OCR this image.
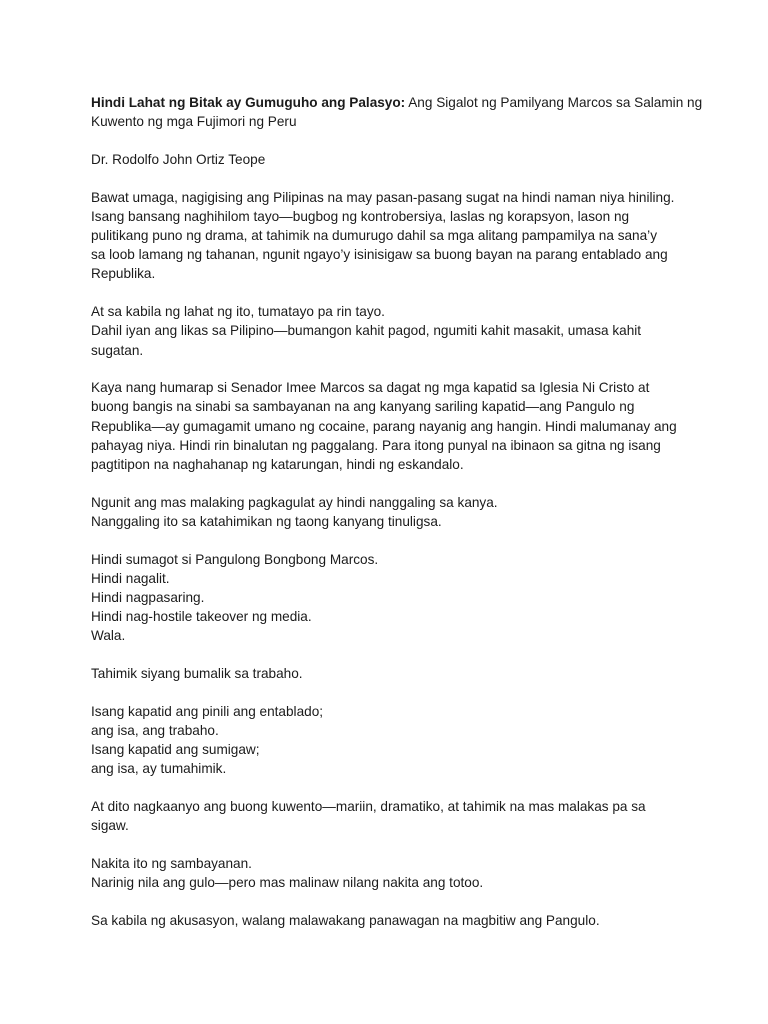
Hindi Lahat ng Bitak ay Gumuguho ang Palasyo: Ang Sigalot ng Pamilyang Marcos sa Salamin ng
Kuwento ng mga Fujimori ng Peru
Dr. Rodolfo John Ortiz Teope
Bawat umaga, nagigising ang Pilipinas na may pasan-pasang sugat na hindi naman niya hiniling.
Isang bansang naghihilom tayo—bugbog ng kontrobersiya, laslas ng korapsyon, lason ng
pulitikang puno ng drama, at tahimik na dumurugo dahil sa mga alitang pampamilya na sana’y
sa loob lamang ng tahanan, ngunit ngayo’y isinisigaw sa buong bayan na parang entablado ang
Republika.
At sa kabila ng lahat ng ito, tumatayo pa rin tayo.
Dahil iyan ang likas sa Pilipino—bumangon kahit pagod, ngumiti kahit masakit, umasa kahit
sugatan.
Kaya nang humarap si Senador Imee Marcos sa dagat ng mga kapatid sa Iglesia Ni Cristo at
buong bangis na sinabi sa sambayanan na ang kanyang sariling kapatid—ang Pangulo ng
Republika—ay gumagamit umano ng cocaine, parang nayanig ang hangin. Hindi malumanay ang
pahayag niya. Hindi rin binalutan ng paggalang. Para itong punyal na ibinaon sa gitna ng isang
pagtitipon na naghahanap ng katarungan, hindi ng eskandalo.
Ngunit ang mas malaking pagkagulat ay hindi nanggaling sa kanya.
Nanggaling ito sa katahimikan ng taong kanyang tinuligsa.
Hindi sumagot si Pangulong Bongbong Marcos.
Hindi nagalit.
Hindi nagpasaring.
Hindi nag-hostile takeover ng media.
Wala.
Tahimik siyang bumalik sa trabaho.
Isang kapatid ang pinili ang entablado;
ang isa, ang trabaho.
Isang kapatid ang sumigaw;
ang isa, ay tumahimik.
At dito nagkaanyo ang buong kuwento—mariin, dramatiko, at tahimik na mas malakas pa sa
sigaw.
Nakita ito ng sambayanan.
Narinig nila ang gulo—pero mas malinaw nilang nakita ang totoo.
Sa kabila ng akusasyon, walang malawakang panawagan na magbitiw ang Pangulo.
